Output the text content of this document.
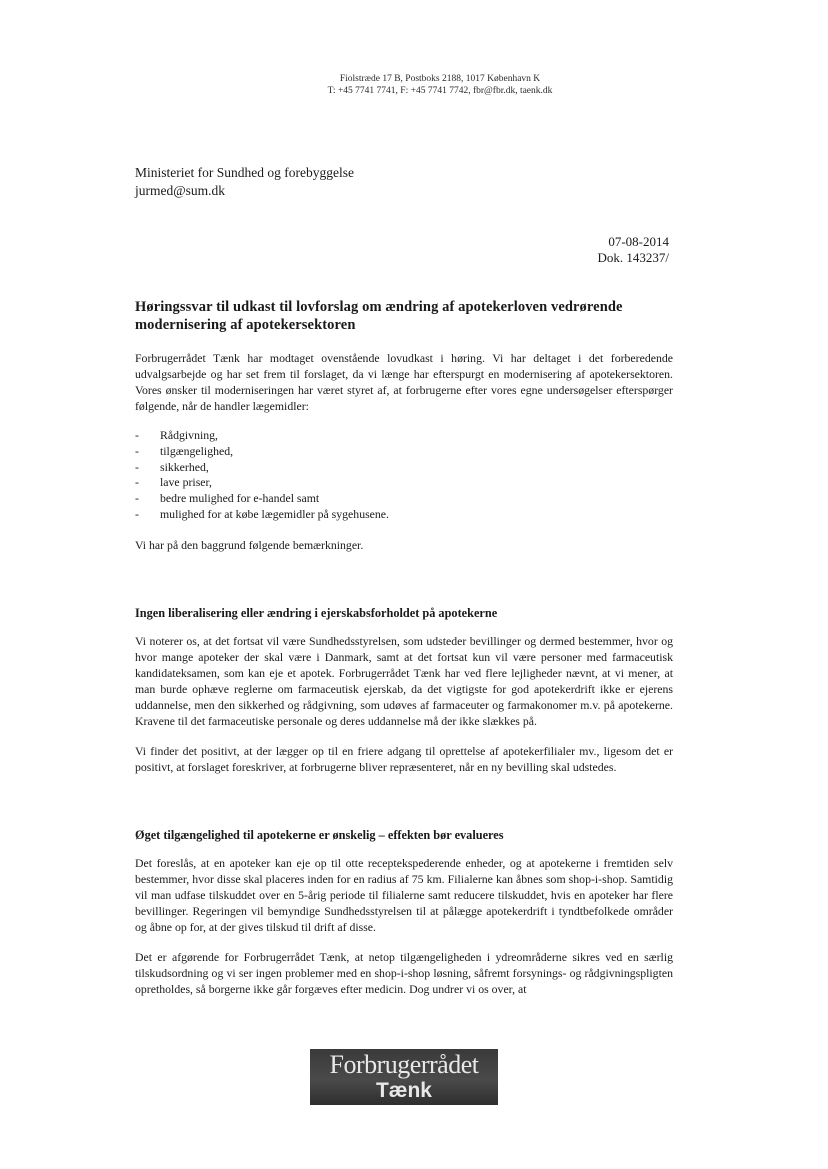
Fiolstræde 17 B, Postboks 2188, 1017 København K
T: +45 7741 7741, F: +45 7741 7742, fbr@fbr.dk, taenk.dk
Ministeriet for Sundhed og forebyggelse
jurmed@sum.dk
07-08-2014
Dok. 143237/
Høringssvar til udkast til lovforslag om ændring af apotekerloven vedrørende modernisering af apotekersektoren

Forbrugerrådet Tænk har modtaget ovenstående lovudkast i høring. Vi har deltaget i det forberedende udvalgsarbejde og har set frem til forslaget, da vi længe har efterspurgt en modernisering af apotekersektoren. Vores ønsker til moderniseringen har været styret af, at forbrugerne efter vores egne undersøgelser efterspørger følgende, når de handler lægemidler:

- Rådgivning,
- tilgængelighed,
- sikkerhed,
- lave priser,
- bedre mulighed for e-handel samt
- mulighed for at købe lægemidler på sygehusene.

Vi har på den baggrund følgende bemærkninger.

Ingen liberalisering eller ændring i ejerskabsforholdet på apotekerne

Vi noterer os, at det fortsat vil være Sundhedsstyrelsen, som udsteder bevillinger og dermed bestemmer, hvor og hvor mange apoteker der skal være i Danmark, samt at det fortsat kun vil være personer med farmaceutisk kandidateksamen, som kan eje et apotek. Forbrugerrådet Tænk har ved flere lejligheder nævnt, at vi mener, at man burde ophæve reglerne om farmaceutisk ejerskab, da det vigtigste for god apotekerdrift ikke er ejerens uddannelse, men den sikkerhed og rådgivning, som udøves af farmaceuter og farmakonomer m.v. på apotekerne. Kravene til det farmaceutiske personale og deres uddannelse må der ikke slækkes på.

Vi finder det positivt, at der lægger op til en friere adgang til oprettelse af apotekerfilialer mv., ligesom det er positivt, at forslaget foreskriver, at forbrugerne bliver repræsenteret, når en ny bevilling skal udstedes.

Øget tilgængelighed til apotekerne er ønskelig – effekten bør evalueres

Det foreslås, at en apoteker kan eje op til otte receptekspederende enheder, og at apotekerne i fremtiden selv bestemmer, hvor disse skal placeres inden for en radius af 75 km. Filialerne kan åbnes som shop-i-shop. Samtidig vil man udfase tilskuddet over en 5-årig periode til filialerne samt reducere tilskuddet, hvis en apoteker har flere bevillinger. Regeringen vil bemyndige Sundhedsstyrelsen til at pålægge apotekerdrift i tyndtbefolkede områder og åbne op for, at der gives tilskud til drift af disse.

Det er afgørende for Forbrugerrådet Tænk, at netop tilgængeligheden i ydreområderne sikres ved en særlig tilskudsordning og vi ser ingen problemer med en shop-i-shop løsning, såfremt forsynings- og rådgivningspligten opretholdes, så borgerne ikke går forgæves efter medicin. Dog undrer vi os over, at

Forbrugerrådet
Tænk
